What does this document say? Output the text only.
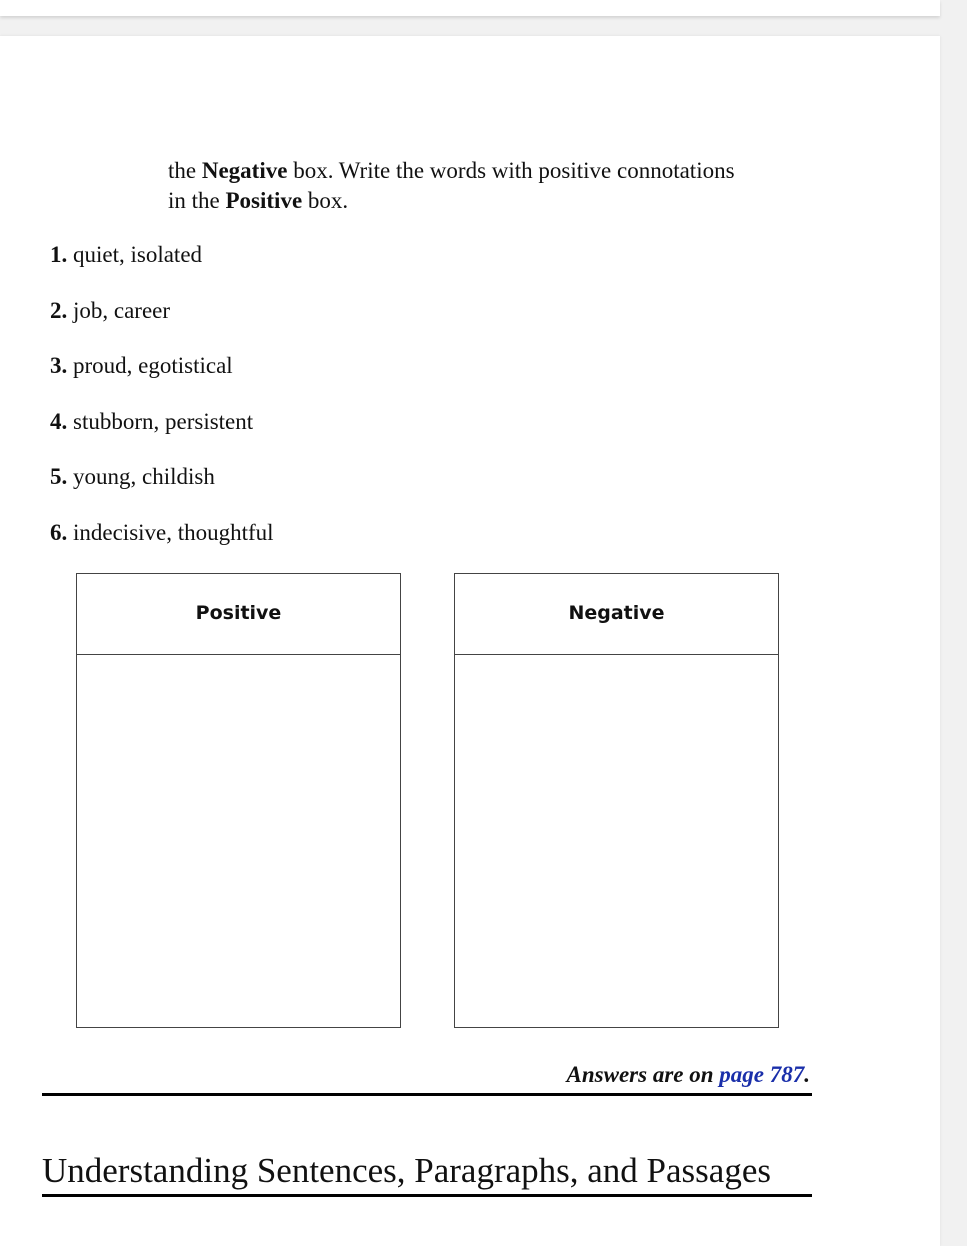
the Negative box. Write the words with positive connotations
in the Positive box.
1. quiet, isolated
2. job, career
3. proud, egotistical
4. stubborn, persistent
5. young, childish
6. indecisive, thoughtful
Positive	Negative
Answers are on page 787.
Understanding Sentences, Paragraphs, and Passages
